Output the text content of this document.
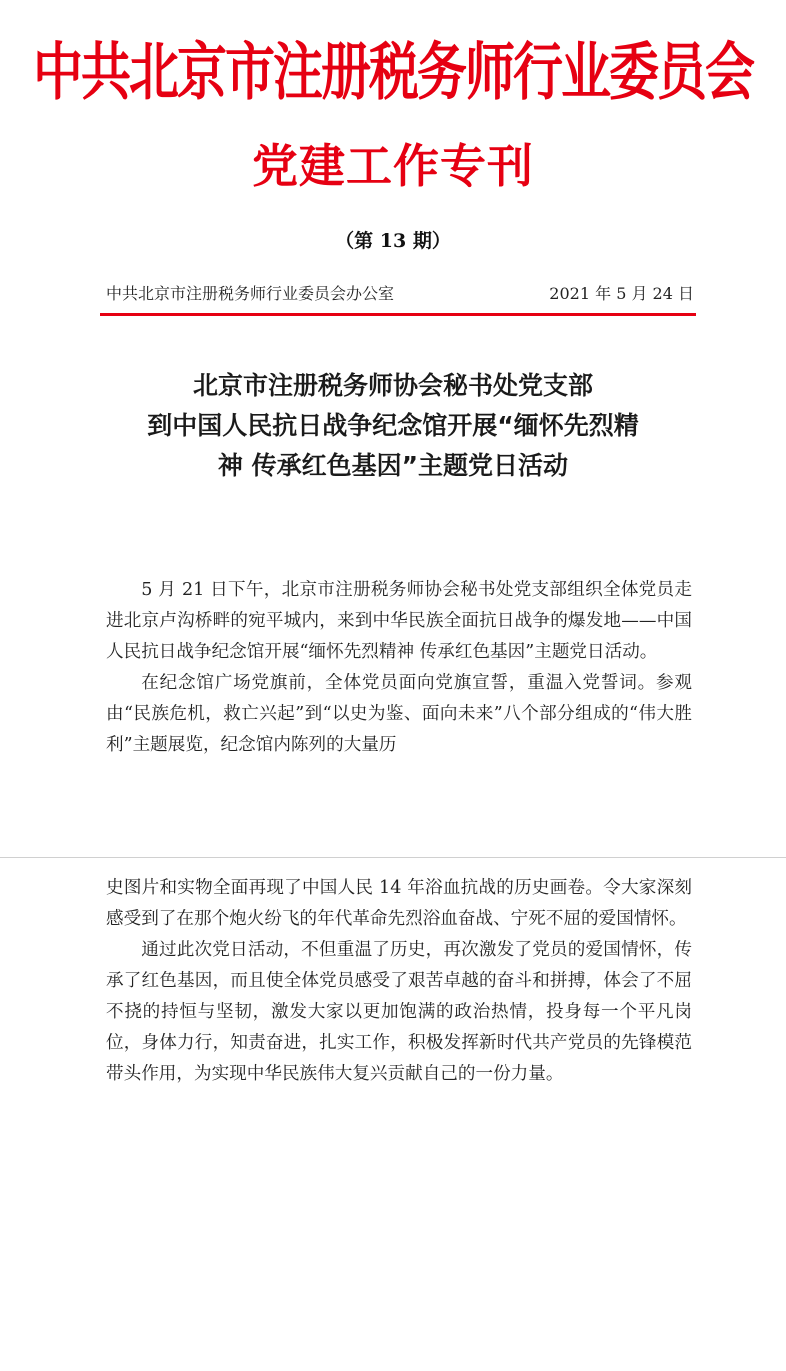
中共北京市注册税务师行业委员会
党建工作专刊
（第 13 期）
中共北京市注册税务师行业委员会办公室	2021 年 5 月 24 日
北京市注册税务师协会秘书处党支部
到中国人民抗日战争纪念馆开展“缅怀先烈精
神 传承红色基因”主题党日活动

5 月 21 日下午，北京市注册税务师协会秘书处党支部组织全体党员走进北京卢沟桥畔的宛平城内，来到中华民族全面抗日战争的爆发地——中国人民抗日战争纪念馆开展“缅怀先烈精神 传承红色基因”主题党日活动。

在纪念馆广场党旗前，全体党员面向党旗宣誓，重温入党誓词。参观由“民族危机，救亡兴起”到“以史为鉴、面向未来”八个部分组成的“伟大胜利”主题展览，纪念馆内陈列的大量历

史图片和实物全面再现了中国人民 14 年浴血抗战的历史画卷。令大家深刻感受到了在那个炮火纷飞的年代革命先烈浴血奋战、宁死不屈的爱国情怀。

通过此次党日活动，不但重温了历史，再次激发了党员的爱国情怀，传承了红色基因，而且使全体党员感受了艰苦卓越的奋斗和拼搏，体会了不屈不挠的持恒与坚韧，激发大家以更加饱满的政治热情，投身每一个平凡岗位，身体力行，知责奋进，扎实工作，积极发挥新时代共产党员的先锋模范带头作用，为实现中华民族伟大复兴贡献自己的一份力量。
